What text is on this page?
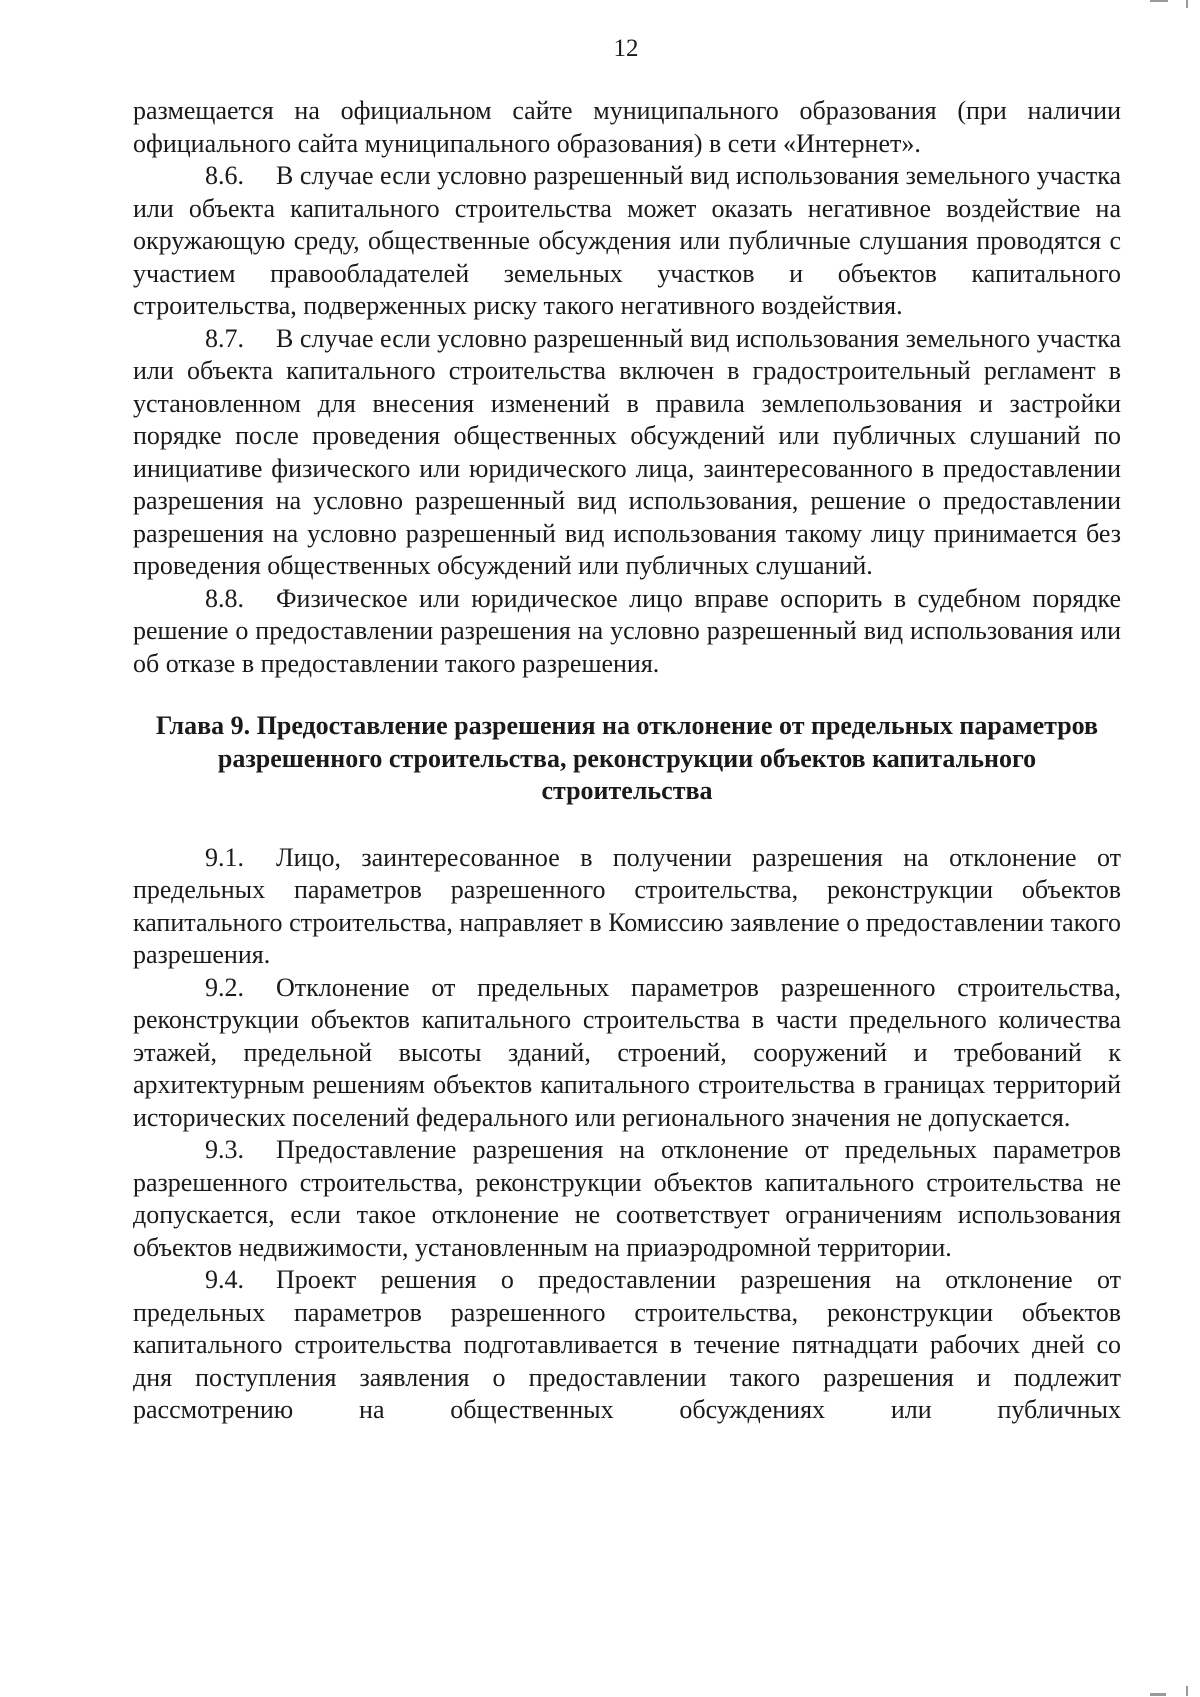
12

размещается на официальном сайте муниципального образования (при наличии официального сайта муниципального образования) в сети «Интернет».

8.6. В случае если условно разрешенный вид использования земельного участка или объекта капитального строительства может оказать негативное воздействие на окружающую среду, общественные обсуждения или публичные слушания проводятся с участием правообладателей земельных участков и объектов капитального строительства, подверженных риску такого негативного воздействия.

8.7. В случае если условно разрешенный вид использования земельного участка или объекта капитального строительства включен в градостроительный регламент в установленном для внесения изменений в правила землепользования и застройки порядке после проведения общественных обсуждений или публичных слушаний по инициативе физического или юридического лица, заинтересованного в предоставлении разрешения на условно разрешенный вид использования, решение о предоставлении разрешения на условно разрешенный вид использования такому лицу принимается без проведения общественных обсуждений или публичных слушаний.

8.8. Физическое или юридическое лицо вправе оспорить в судебном порядке решение о предоставлении разрешения на условно разрешенный вид использования или об отказе в предоставлении такого разрешения.

Глава 9. Предоставление разрешения на отклонение от предельных параметров разрешенного строительства, реконструкции объектов капитального строительства

9.1. Лицо, заинтересованное в получении разрешения на отклонение от предельных параметров разрешенного строительства, реконструкции объектов капитального строительства, направляет в Комиссию заявление о предоставлении такого разрешения.

9.2. Отклонение от предельных параметров разрешенного строительства, реконструкции объектов капитального строительства в части предельного количества этажей, предельной высоты зданий, строений, сооружений и требований к архитектурным решениям объектов капитального строительства в границах территорий исторических поселений федерального или регионального значения не допускается.

9.3. Предоставление разрешения на отклонение от предельных параметров разрешенного строительства, реконструкции объектов капитального строительства не допускается, если такое отклонение не соответствует ограничениям использования объектов недвижимости, установленным на приаэродромной территории.

9.4. Проект решения о предоставлении разрешения на отклонение от предельных параметров разрешенного строительства, реконструкции объектов капитального строительства подготавливается в течение пятнадцати рабочих дней со дня поступления заявления о предоставлении такого разрешения и подлежит рассмотрению на общественных обсуждениях или публичных
